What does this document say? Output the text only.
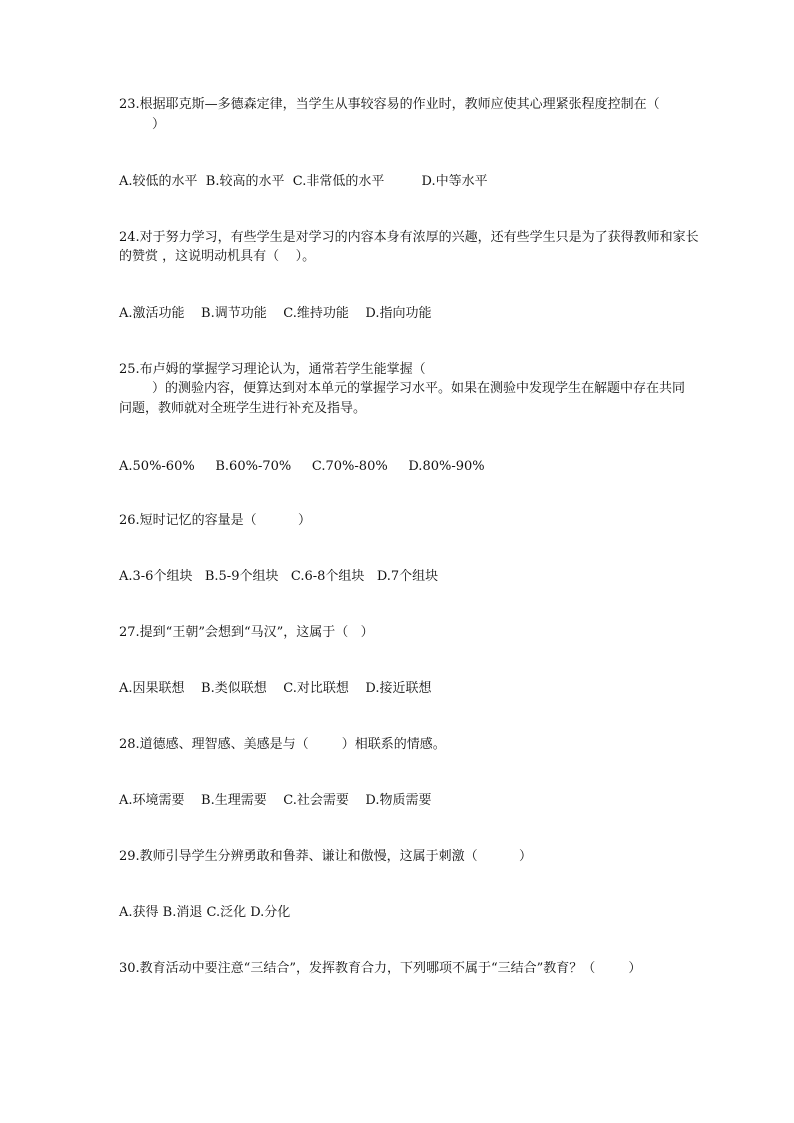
23.根据耶克斯—多德森定律，当学生从事较容易的作业时，教师应使其心理紧张程度控制在（
）
A.较低的水平  B.较高的水平  C.非常低的水平         D.中等水平
24.对于努力学习，有些学生是对学习的内容本身有浓厚的兴趣，还有些学生只是为了获得教师和家长
的赞赏 ，这说明动机具有（    ）。
A.激活功能    B.调节功能    C.维持功能    D.指向功能
25.布卢姆的掌握学习理论认为，通常若学生能掌握（
）的测验内容，便算达到对本单元的掌握学习水平。如果在测验中发现学生在解题中存在共同
问题，教师就对全班学生进行补充及指导。
A.50%-60%     B.60%-70%     C.70%-80%     D.80%-90%
26.短时记忆的容量是（          ）
A.3-6个组块   B.5-9个组块   C.6-8个组块   D.7个组块
27.提到“王朝”会想到“马汉”，这属于（   ）
A.因果联想    B.类似联想    C.对比联想    D.接近联想
28.道德感、理智感、美感是与（        ）相联系的情感。
A.环境需要    B.生理需要    C.社会需要    D.物质需要
29.教师引导学生分辨勇敢和鲁莽、谦让和傲慢，这属于刺激（          ）
A.获得 B.消退 C.泛化 D.分化
30.教育活动中要注意“三结合”，发挥教育合力，下列哪项不属于“三结合”教育？（        ）
